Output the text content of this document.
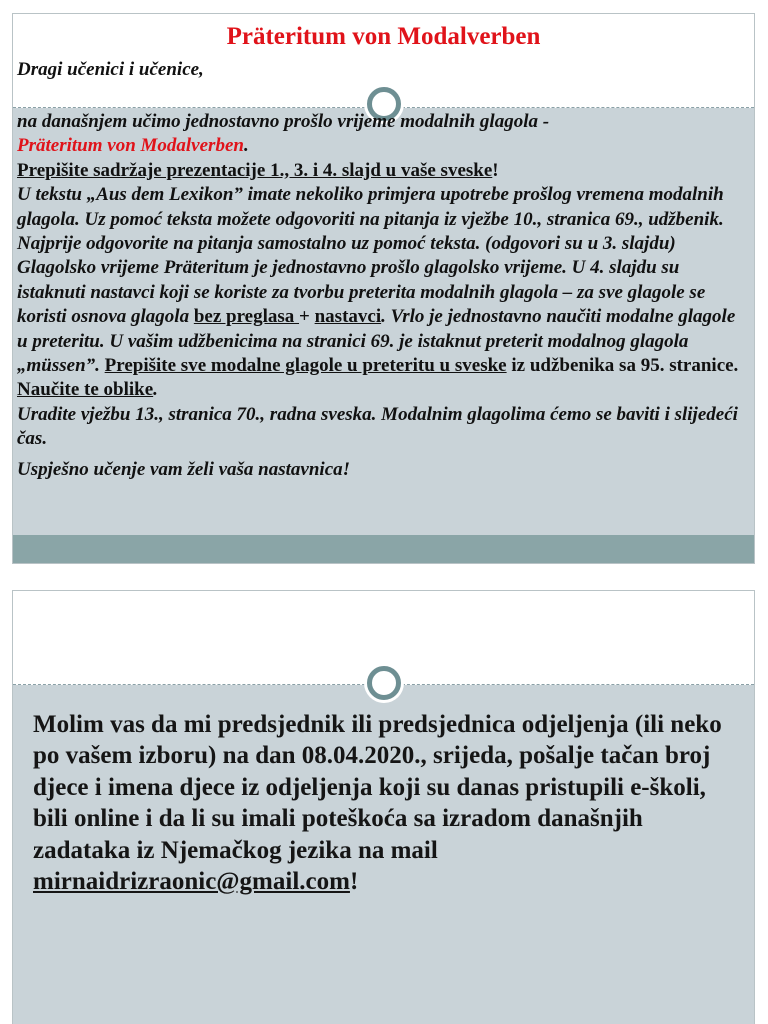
Präteritum von Modalverben

Dragi učenici i učenice,

na današnjem učimo jednostavno prošlo vrijeme modalnih glagola -
Präteritum von Modalverben.

Prepišite sadržaje prezentacije 1., 3. i 4. slajd u vaše sveske!

U tekstu „Aus dem Lexikon” imate nekoliko primjera upotrebe prošlog vremena modalnih glagola. Uz pomoć teksta možete odgovoriti na pitanja iz vježbe 10., stranica 69., udžbenik. Najprije odgovorite na pitanja samostalno uz pomoć teksta. (odgovori su u 3. slajdu)

Glagolsko vrijeme Präteritum je jednostavno prošlo glagolsko vrijeme. U 4. slajdu su istaknuti nastavci koji se koriste za tvorbu preterita modalnih glagola – za sve glagole se koristi osnova glagola bez preglasa + nastavci. Vrlo je jednostavno naučiti modalne glagole u preteritu. U vašim udžbenicima na stranici 69. je istaknut preterit modalnog glagola „müssen”. Prepišite sve modalne glagole u preteritu u sveske iz udžbenika sa 95. stranice. Naučite te oblike.

Uradite vježbu 13., stranica 70., radna sveska. Modalnim glagolima ćemo se baviti i slijedeći čas.

Uspješno učenje vam želi vaša nastavnica!

Molim vas da mi predsjednik ili predsjednica odjeljenja (ili neko po vašem izboru) na dan 08.04.2020., srijeda, pošalje tačan broj djece i imena djece iz odjeljenja koji su danas pristupili e-školi, bili online i da li su imali poteškoća sa izradom današnjih zadataka iz Njemačkog jezika na mail mirnaidrizraonic@gmail.com!
